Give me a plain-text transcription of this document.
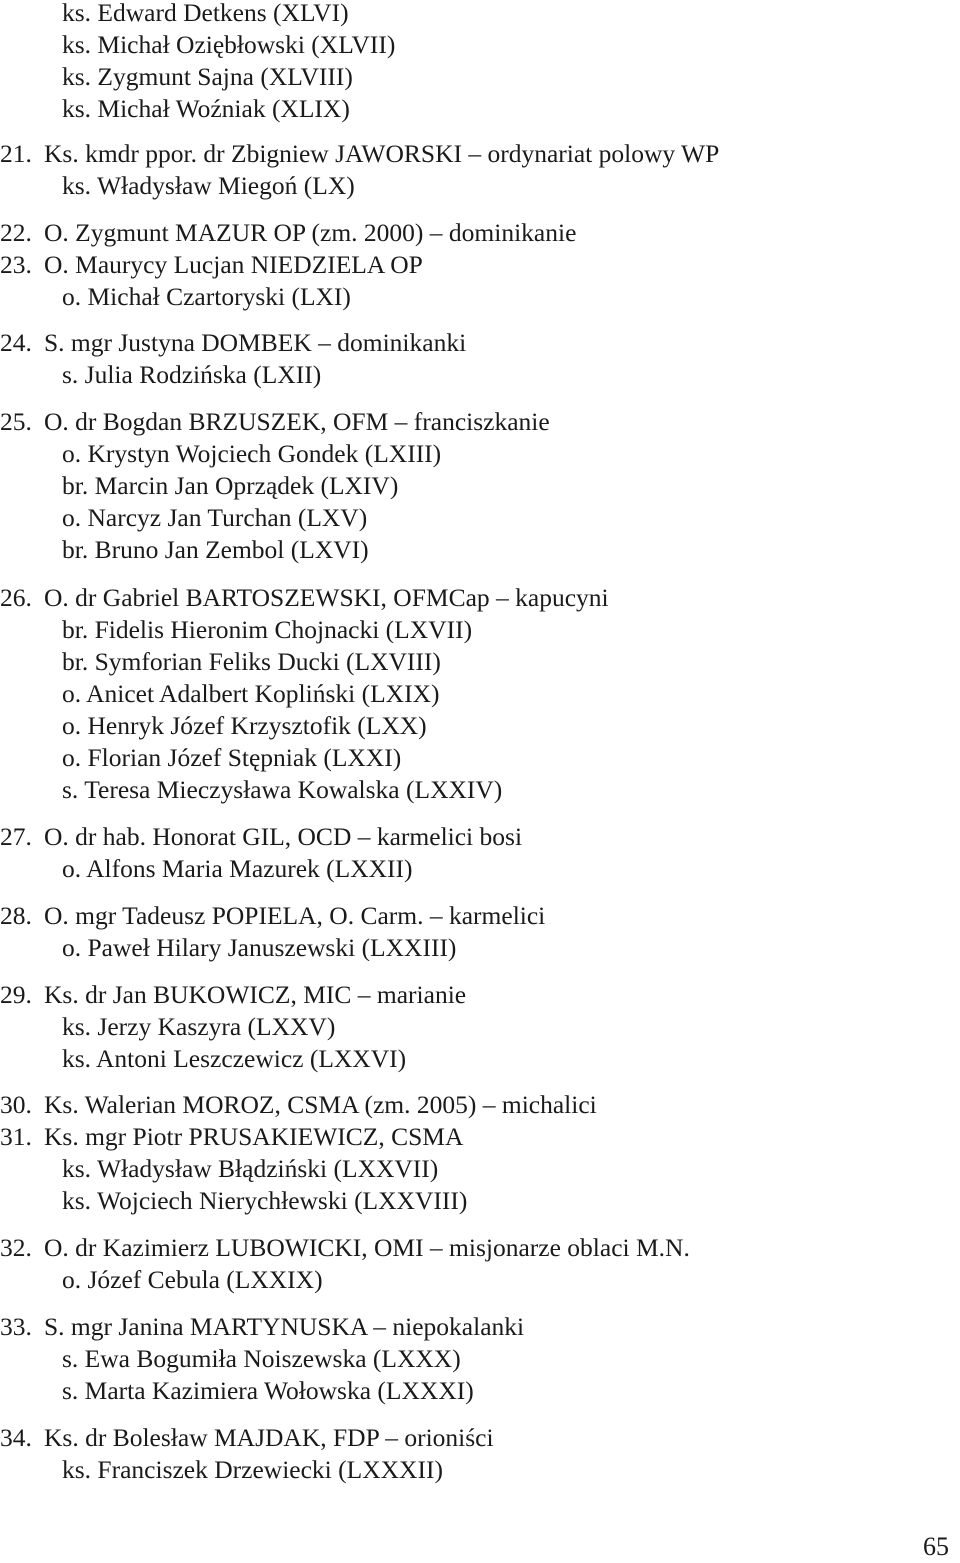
ks. Edward Detkens (XLVI)
ks. Michał Oziębłowski (XLVII)
ks. Zygmunt Sajna (XLVIII)
ks. Michał Woźniak (XLIX)
21. Ks. kmdr ppor. dr Zbigniew JAWORSKI – ordynariat polowy WP
ks. Władysław Miegoń (LX)
22. O. Zygmunt MAZUR OP (zm. 2000) – dominikanie
23. O. Maurycy Lucjan NIEDZIELA OP
o. Michał Czartoryski (LXI)
24. S. mgr Justyna DOMBEK – dominikanki
s. Julia Rodzińska (LXII)
25. O. dr Bogdan BRZUSZEK, OFM – franciszkanie
o. Krystyn Wojciech Gondek (LXIII)
br. Marcin Jan Oprządek (LXIV)
o. Narcyz Jan Turchan (LXV)
br. Bruno Jan Zembol (LXVI)
26. O. dr Gabriel BARTOSZEWSKI, OFMCap – kapucyni
br. Fidelis Hieronim Chojnacki (LXVII)
br. Symforian Feliks Ducki (LXVIII)
o. Anicet Adalbert Kopliński (LXIX)
o. Henryk Józef Krzysztofik (LXX)
o. Florian Józef Stępniak (LXXI)
s. Teresa Mieczysława Kowalska (LXXIV)
27. O. dr hab. Honorat GIL, OCD – karmelici bosi
o. Alfons Maria Mazurek (LXXII)
28. O. mgr Tadeusz POPIELA, O. Carm. – karmelici
o. Paweł Hilary Januszewski (LXXIII)
29. Ks. dr Jan BUKOWICZ, MIC – marianie
ks. Jerzy Kaszyra (LXXV)
ks. Antoni Leszczewicz (LXXVI)
30. Ks. Walerian MOROZ, CSMA (zm. 2005) – michalici
31. Ks. mgr Piotr PRUSAKIEWICZ, CSMA
ks. Władysław Błądziński (LXXVII)
ks. Wojciech Nierychłewski (LXXVIII)
32. O. dr Kazimierz LUBOWICKI, OMI – misjonarze oblaci M.N.
o. Józef Cebula (LXXIX)
33. S. mgr Janina MARTYNUSKA – niepokalanki
s. Ewa Bogumiła Noiszewska (LXXX)
s. Marta Kazimiera Wołowska (LXXXI)
34. Ks. dr Bolesław MAJDAK, FDP – orioniści
ks. Franciszek Drzewiecki (LXXXII)
65
